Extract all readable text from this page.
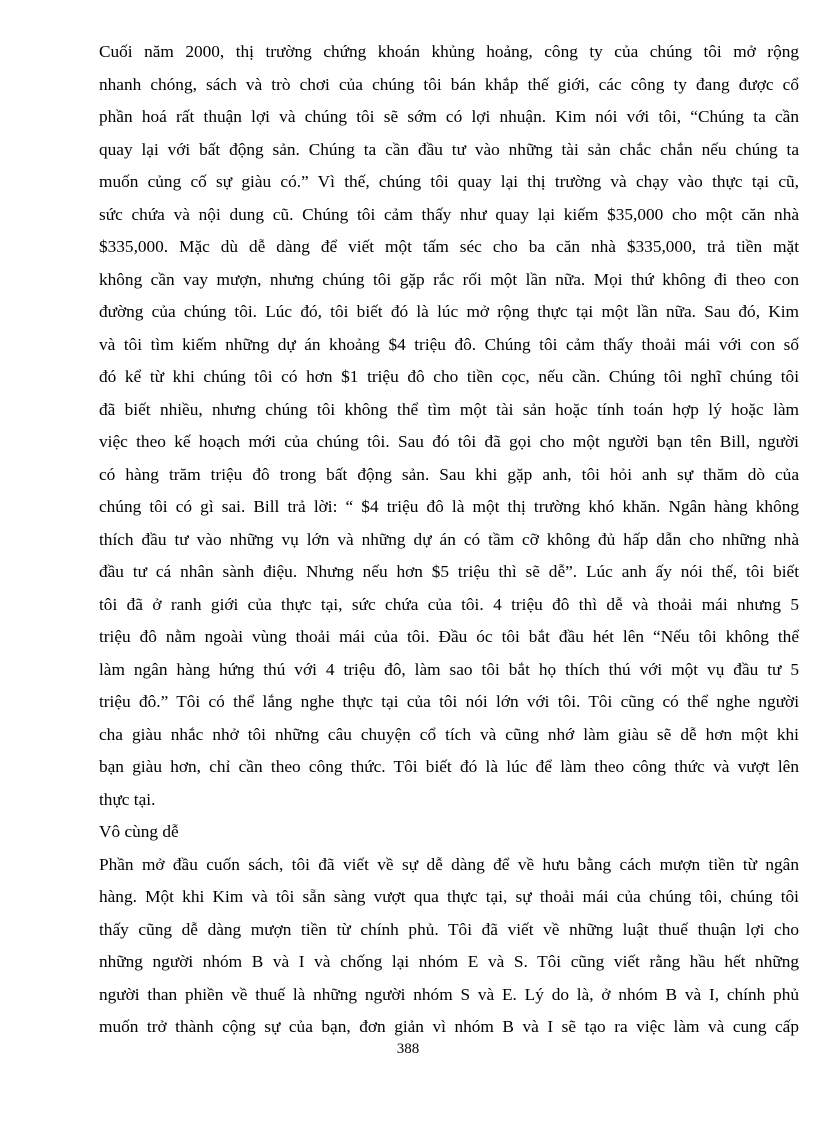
Cuối năm 2000, thị trường chứng khoán khủng hoảng, công ty của chúng tôi mở rộng
nhanh chóng, sách và trò chơi của chúng tôi bán khắp thế giới, các công ty đang được cổ
phần hoá rất thuận lợi và chúng tôi sẽ sớm có lợi nhuận. Kim nói với tôi, “Chúng ta cần
quay lại với bất động sản. Chúng ta cần đầu tư vào những tài sản chắc chắn nếu chúng ta
muốn củng cố sự giàu có.” Vì thế, chúng tôi quay lại thị trường và chạy vào thực tại cũ,
sức chứa và nội dung cũ. Chúng tôi cảm thấy như quay lại kiếm $35,000 cho một căn nhà
$335,000. Mặc dù dễ dàng để viết một tấm séc cho ba căn nhà $335,000, trả tiền mặt
không cần vay mượn, nhưng chúng tôi gặp rắc rối một lần nữa. Mọi thứ không đi theo con
đường của chúng tôi. Lúc đó, tôi biết đó là lúc mở rộng thực tại một lần nữa. Sau đó, Kim
và tôi tìm kiếm những dự án khoảng $4 triệu đô. Chúng tôi cảm thấy thoải mái với con số
đó kể từ khi chúng tôi có hơn $1 triệu đô cho tiền cọc, nếu cần. Chúng tôi nghĩ chúng tôi
đã biết nhiều, nhưng chúng tôi không thể tìm một tài sản hoặc tính toán hợp lý hoặc làm
việc theo kế hoạch mới của chúng tôi. Sau đó tôi đã gọi cho một người bạn tên Bill, người
có hàng trăm triệu đô trong bất động sản. Sau khi gặp anh, tôi hỏi anh sự thăm dò của
chúng tôi có gì sai. Bill trả lời: “ $4 triệu đô là một thị trường khó khăn. Ngân hàng không
thích đầu tư vào những vụ lớn và những dự án có tầm cỡ không đủ hấp dẫn cho những nhà
đầu tư cá nhân sành điệu. Nhưng nếu hơn $5 triệu thì sẽ dễ”. Lúc anh ấy nói thế, tôi biết
tôi đã ở ranh giới của thực tại, sức chứa của tôi. 4 triệu đô thì dễ và thoải mái nhưng 5
triệu đô nằm ngoài vùng thoải mái của tôi. Đầu óc tôi bắt đầu hét lên “Nếu tôi không thể
làm ngân hàng hứng thú với 4 triệu đô, làm sao tôi bắt họ thích thú với một vụ đầu tư 5
triệu đô.” Tôi có thể lắng nghe thực tại của tôi nói lớn với tôi. Tôi cũng có thể nghe người
cha giàu nhắc nhở tôi những câu chuyện cổ tích và cũng nhớ làm giàu sẽ dễ hơn một khi
bạn giàu hơn, chỉ cần theo công thức. Tôi biết đó là lúc để làm theo công thức và vượt lên
thực tại.
Vô cùng dễ
Phần mở đầu cuốn sách, tôi đã viết về sự dễ dàng để về hưu bằng cách mượn tiền từ ngân
hàng. Một khi Kim và tôi sẵn sàng vượt qua thực tại, sự thoải mái của chúng tôi, chúng tôi
thấy cũng dễ dàng mượn tiền từ chính phủ. Tôi đã viết về những luật thuế thuận lợi cho
những người nhóm B và I và chống lại nhóm E và S. Tôi cũng viết rằng hầu hết những
người than phiền về thuế là những người nhóm S và E. Lý do là, ở nhóm B và I, chính phủ
muốn trở thành cộng sự của bạn, đơn giản vì nhóm B và I sẽ tạo ra việc làm và cung cấp
388
